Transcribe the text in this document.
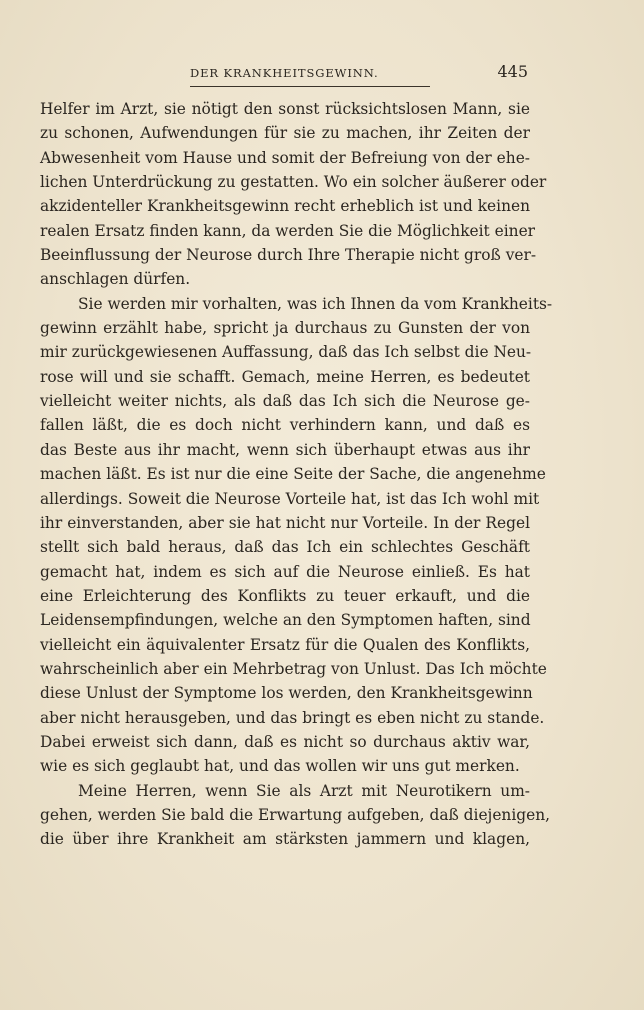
DER KRANKHEITSGEWINN.	445
Helfer im Arzt, sie nötigt den sonst rücksichtslosen Mann, sie
zu schonen, Aufwendungen für sie zu machen, ihr Zeiten der
Abwesenheit vom Hause und somit der Befreiung von der ehe-
lichen Unterdrückung zu gestatten. Wo ein solcher äußerer oder
akzidenteller Krankheitsgewinn recht erheblich ist und keinen
realen Ersatz finden kann, da werden Sie die Möglichkeit einer
Beeinflussung der Neurose durch Ihre Therapie nicht groß ver-
anschlagen dürfen.
Sie werden mir vorhalten, was ich Ihnen da vom Krankheits-
gewinn erzählt habe, spricht ja durchaus zu Gunsten der von
mir zurückgewiesenen Auffassung, daß das Ich selbst die Neu-
rose will und sie schafft. Gemach, meine Herren, es bedeutet
vielleicht weiter nichts, als daß das Ich sich die Neurose ge-
fallen läßt, die es doch nicht verhindern kann, und daß es
das Beste aus ihr macht, wenn sich überhaupt etwas aus ihr
machen läßt. Es ist nur die eine Seite der Sache, die angenehme
allerdings. Soweit die Neurose Vorteile hat, ist das Ich wohl mit
ihr einverstanden, aber sie hat nicht nur Vorteile. In der Regel
stellt sich bald heraus, daß das Ich ein schlechtes Geschäft
gemacht hat, indem es sich auf die Neurose einließ. Es hat
eine Erleichterung des Konflikts zu teuer erkauft, und die
Leidensempfindungen, welche an den Symptomen haften, sind
vielleicht ein äquivalenter Ersatz für die Qualen des Konflikts,
wahrscheinlich aber ein Mehrbetrag von Unlust. Das Ich möchte
diese Unlust der Symptome los werden, den Krankheitsgewinn
aber nicht herausgeben, und das bringt es eben nicht zu stande.
Dabei erweist sich dann, daß es nicht so durchaus aktiv war,
wie es sich geglaubt hat, und das wollen wir uns gut merken.
Meine Herren, wenn Sie als Arzt mit Neurotikern um-
gehen, werden Sie bald die Erwartung aufgeben, daß diejenigen,
die über ihre Krankheit am stärksten jammern und klagen,
